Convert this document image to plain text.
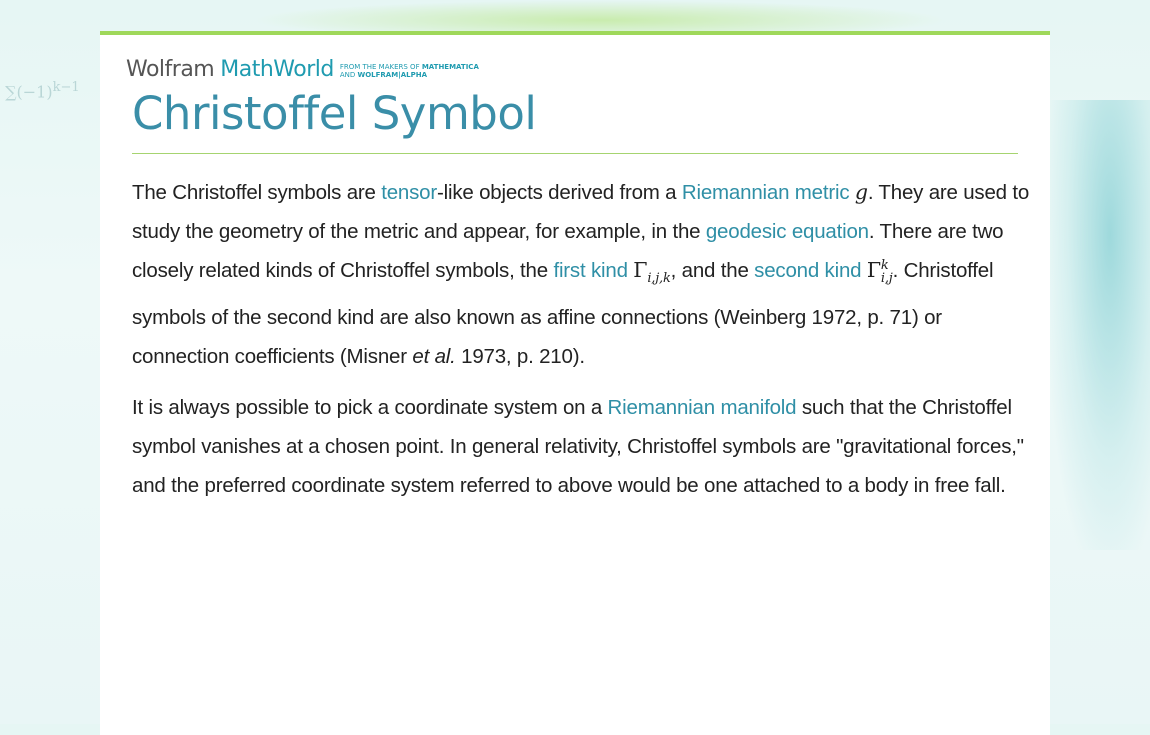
$\sum(-1)^{k-1}$
Wolfram MathWorld FROM THE MAKERS OF MATHEMATICA
AND WOLFRAM|ALPHA
Christoffel Symbol

The Christoffel symbols are tensor-like objects derived from a Riemannian metric g. They are used to study the geometry of the metric and appear, for example, in the geodesic equation. There are two closely related kinds of Christoffel symbols, the first kind $\Gamma_{i,j,k}$, and the second kind Γ k
i,j . Christoffel symbols of the second kind are also known as affine connections (Weinberg 1972, p. 71) or connection coefficients (Misner et al. 1973, p. 210).

It is always possible to pick a coordinate system on a Riemannian manifold such that the Christoffel symbol vanishes at a chosen point. In general relativity, Christoffel symbols are "gravitational forces," and the preferred coordinate system referred to above would be one attached to a body in free fall.
